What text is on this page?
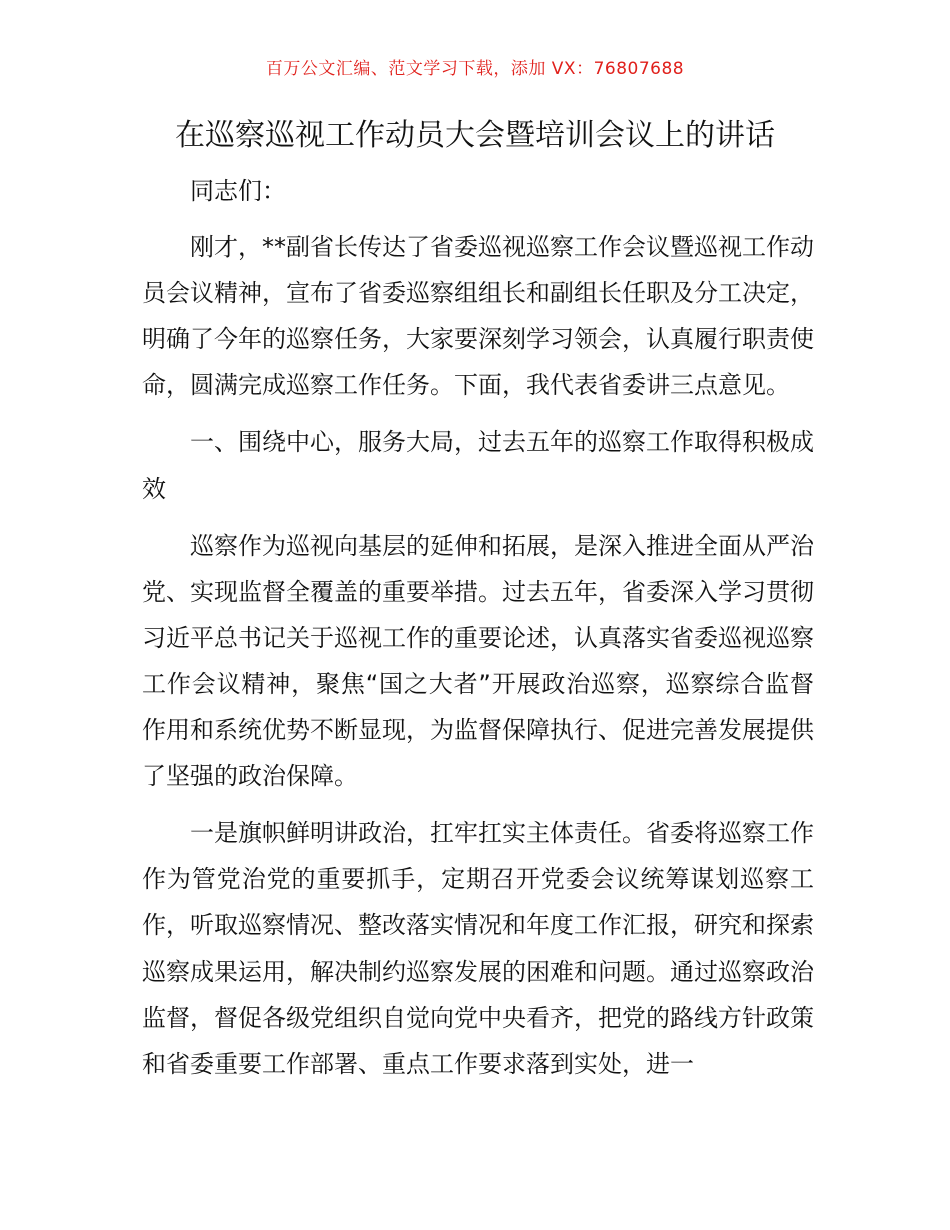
百万公文汇编、范文学习下载，添加 VX：76807688
在巡察巡视工作动员大会暨培训会议上的讲话

同志们：

刚才，**副省长传达了省委巡视巡察工作会议暨巡视工作动员会议精神，宣布了省委巡察组组长和副组长任职及分工决定，明确了今年的巡察任务，大家要深刻学习领会，认真履行职责使命，圆满完成巡察工作任务。下面，我代表省委讲三点意见。

一、围绕中心，服务大局，过去五年的巡察工作取得积极成效

巡察作为巡视向基层的延伸和拓展，是深入推进全面从严治党、实现监督全覆盖的重要举措。过去五年，省委深入学习贯彻习近平总书记关于巡视工作的重要论述，认真落实省委巡视巡察工作会议精神，聚焦“国之大者”开展政治巡察，巡察综合监督作用和系统优势不断显现，为监督保障执行、促进完善发展提供了坚强的政治保障。

一是旗帜鲜明讲政治，扛牢扛实主体责任。省委将巡察工作作为管党治党的重要抓手，定期召开党委会议统筹谋划巡察工作，听取巡察情况、整改落实情况和年度工作汇报，研究和探索巡察成果运用，解决制约巡察发展的困难和问题。通过巡察政治监督，督促各级党组织自觉向党中央看齐，把党的路线方针政策和省委重要工作部署、重点工作要求落到实处，进一
